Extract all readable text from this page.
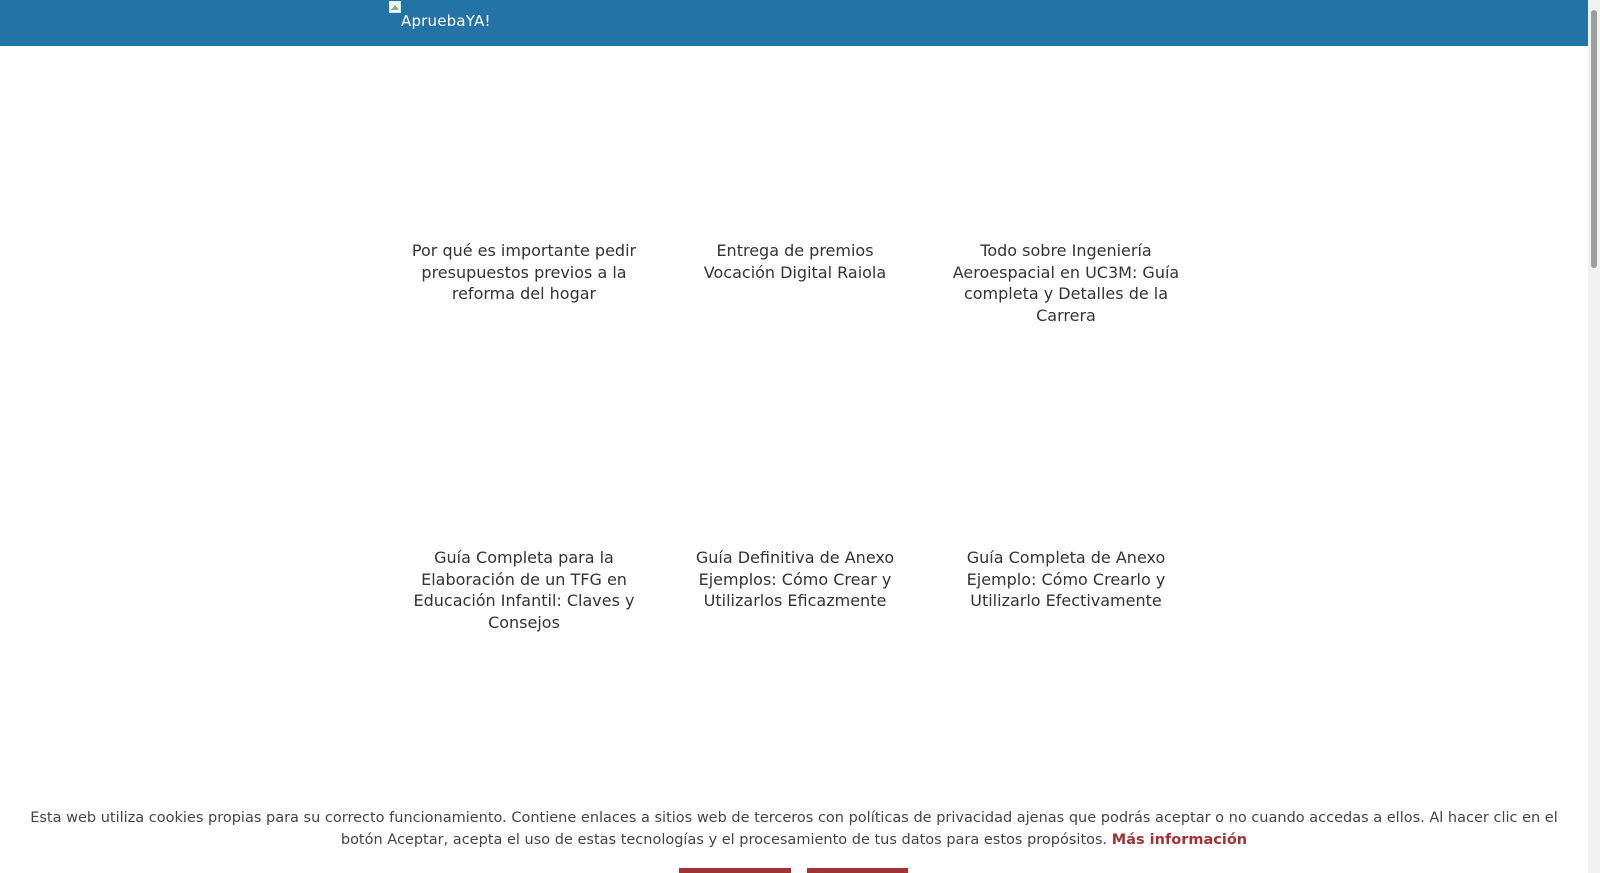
ApruebaYA!
Por qué es importante pedir presupuestos previos a la reforma del hogar
Entrega de premios Vocación Digital Raiola
Todo sobre Ingeniería Aeroespacial en UC3M: Guía completa y Detalles de la Carrera
Guía Completa para la Elaboración de un TFG en Educación Infantil: Claves y Consejos
Guía Definitiva de Anexo Ejemplos: Cómo Crear y Utilizarlos Eficazmente
Guía Completa de Anexo Ejemplo: Cómo Crearlo y Utilizarlo Efectivamente

Esta web utiliza cookies propias para su correcto funcionamiento. Contiene enlaces a sitios web de terceros con políticas de privacidad ajenas que podrás aceptar o no cuando accedas a ellos. Al hacer clic en el botón Aceptar, acepta el uso de estas tecnologías y el procesamiento de tus datos para estos propósitos. Más información
